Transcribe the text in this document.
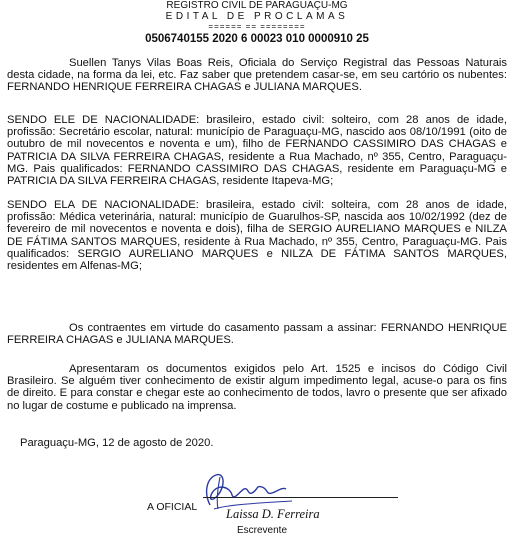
REGISTRO CIVIL DE PARAGUAÇU-MG
EDITAL DE PROCLAMAS
====== == ========
0506740155 2020 6 00023 010 0000910 25

Suellen Tanys Vilas Boas Reis, Oficiala do Serviço Registral das Pessoas Naturais desta cidade, na forma da lei, etc. Faz saber que pretendem casar-se, em seu cartório os nubentes: FERNANDO HENRIQUE FERREIRA CHAGAS e JULIANA MARQUES.

SENDO ELE DE NACIONALIDADE: brasileiro, estado civil: solteiro, com 28 anos de idade, profissão: Secretário escolar, natural: município de Paraguaçu-MG, nascido aos 08/10/1991 (oito de outubro de mil novecentos e noventa e um), filho de FERNANDO CASSIMIRO DAS CHAGAS e PATRICIA DA SILVA FERREIRA CHAGAS, residente a Rua Machado, nº 355, Centro, Paraguaçu-MG. Pais qualificados: FERNANDO CASSIMIRO DAS CHAGAS, residente em Paraguaçu-MG e PATRICIA DA SILVA FERREIRA CHAGAS, residente Itapeva-MG;

SENDO ELA DE NACIONALIDADE: brasileira, estado civil: solteira, com 28 anos de idade, profissão: Médica veterinária, natural: município de Guarulhos-SP, nascida aos 10/02/1992 (dez de fevereiro de mil novecentos e noventa e dois), filha de SERGIO AURELIANO MARQUES e NILZA DE FÁTIMA SANTOS MARQUES, residente à Rua Machado, nº 355, Centro, Paraguaçu-MG. Pais qualificados: SERGIO AURELIANO MARQUES e NILZA DE FÁTIMA SANTOS MARQUES, residentes em Alfenas-MG;

Os contraentes em virtude do casamento passam a assinar: FERNANDO HENRIQUE FERREIRA CHAGAS e JULIANA MARQUES.

Apresentaram os documentos exigidos pelo Art. 1525 e incisos do Código Civil Brasileiro. Se alguém tiver conhecimento de existir algum impedimento legal, acuse-o para os fins de direito. E para constar e chegar este ao conhecimento de todos, lavro o presente que ser afixado no lugar de costume e publicado na imprensa.

Paraguaçu-MG, 12 de agosto de 2020.
A OFICIAL Laissa D. Ferreira
Escrevente
